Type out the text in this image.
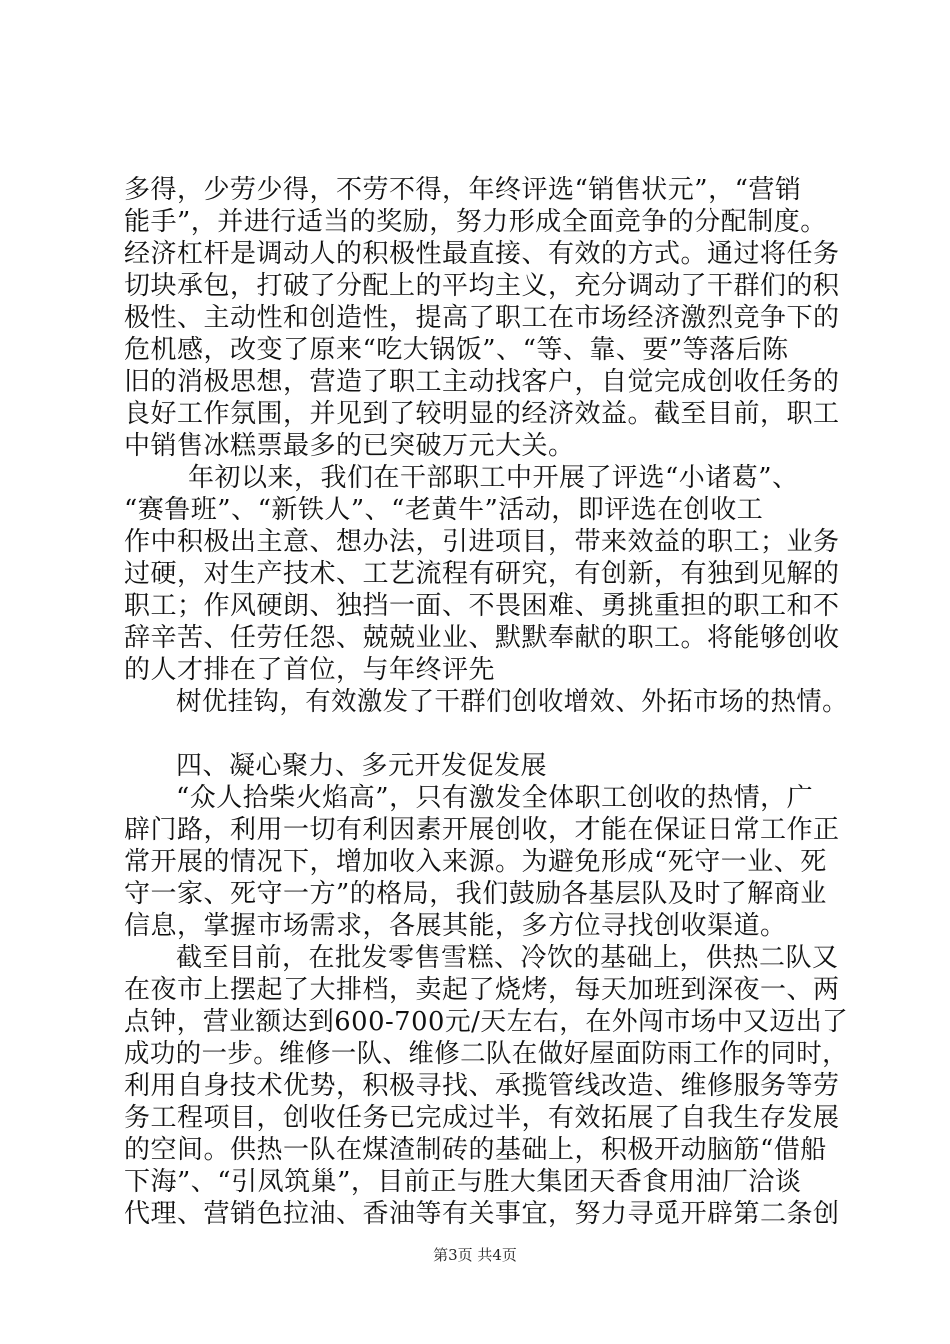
多得，少劳少得，不劳不得，年终评选“销售状元”，“营销
能手”，并进行适当的奖励，努力形成全面竞争的分配制度。
经济杠杆是调动人的积极性最直接、有效的方式。通过将任务
切块承包，打破了分配上的平均主义，充分调动了干群们的积
极性、主动性和创造性，提高了职工在市场经济激烈竞争下的
危机感，改变了原来“吃大锅饭”、“等、靠、要”等落后陈
旧的消极思想，营造了职工主动找客户，自觉完成创收任务的
良好工作氛围，并见到了较明显的经济效益。截至目前，职工
中销售冰糕票最多的已突破万元大关。
年初以来，我们在干部职工中开展了评选“小诸葛”、
“赛鲁班”、“新铁人”、“老黄牛”活动，即评选在创收工
作中积极出主意、想办法，引进项目，带来效益的职工；业务
过硬，对生产技术、工艺流程有研究，有创新，有独到见解的
职工；作风硬朗、独挡一面、不畏困难、勇挑重担的职工和不
辞辛苦、任劳任怨、兢兢业业、默默奉献的职工。将能够创收
的人才排在了首位，与年终评先
树优挂钩，有效激发了干群们创收增效、外拓市场的热情。
四、凝心聚力、多元开发促发展
“众人拾柴火焰高”，只有激发全体职工创收的热情，广
辟门路，利用一切有利因素开展创收，才能在保证日常工作正
常开展的情况下，增加收入来源。为避免形成“死守一业、死
守一家、死守一方”的格局，我们鼓励各基层队及时了解商业
信息，掌握市场需求，各展其能，多方位寻找创收渠道。
截至目前，在批发零售雪糕、冷饮的基础上，供热二队又
在夜市上摆起了大排档，卖起了烧烤，每天加班到深夜一、两
点钟，营业额达到600-700元/天左右，在外闯市场中又迈出了
成功的一步。维修一队、维修二队在做好屋面防雨工作的同时，
利用自身技术优势，积极寻找、承揽管线改造、维修服务等劳
务工程项目，创收任务已完成过半，有效拓展了自我生存发展
的空间。供热一队在煤渣制砖的基础上，积极开动脑筋“借船
下海”、“引凤筑巢”，目前正与胜大集团天香食用油厂洽谈
代理、营销色拉油、香油等有关事宜，努力寻觅开辟第二条创
第3页 共4页
